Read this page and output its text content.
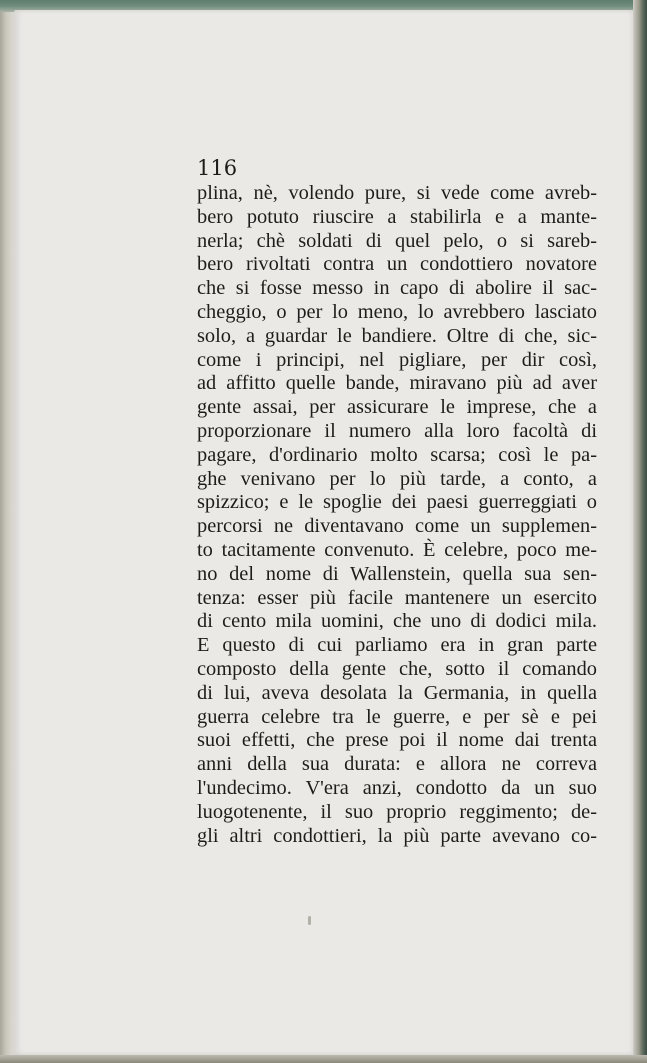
116

plina, nè, volendo pure, si vede come avreb-
bero potuto riuscire a stabilirla e a mante-
nerla; chè soldati di quel pelo, o si sareb-
bero rivoltati contra un condottiero novatore
che si fosse messo in capo di abolire il sac-
cheggio, o per lo meno, lo avrebbero lasciato
solo, a guardar le bandiere. Oltre di che, sic-
come i principi, nel pigliare, per dir così,
ad affitto quelle bande, miravano più ad aver
gente assai, per assicurare le imprese, che a
proporzionare il numero alla loro facoltà di
pagare, d'ordinario molto scarsa; così le pa-
ghe venivano per lo più tarde, a conto, a
spizzico; e le spoglie dei paesi guerreggiati o
percorsi ne diventavano come un supplemen-
to tacitamente convenuto. È celebre, poco me-
no del nome di Wallenstein, quella sua sen-
tenza: esser più facile mantenere un esercito
di cento mila uomini, che uno di dodici mila.
E questo di cui parliamo era in gran parte
composto della gente che, sotto il comando
di lui, aveva desolata la Germania, in quella
guerra celebre tra le guerre, e per sè e pei
suoi effetti, che prese poi il nome dai trenta
anni della sua durata: e allora ne correva
l'undecimo. V'era anzi, condotto da un suo
luogotenente, il suo proprio reggimento; de-
gli altri condottieri, la più parte avevano co-
